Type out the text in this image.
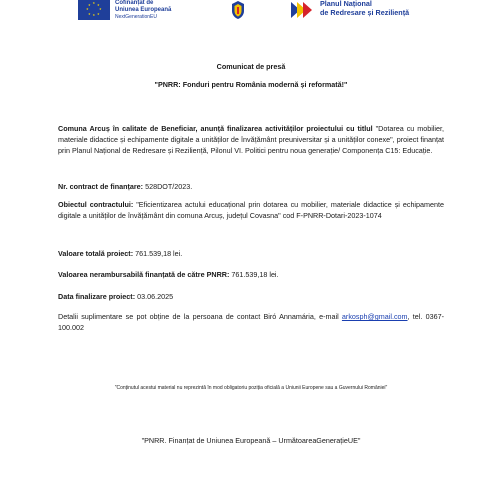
★ ★
★
★
★
★
★
★	Cofinanțat de
Uniunea Europeană
NextGenerationEU
Planul Național
de Redresare și Reziliență
Comunicat de presă
"PNRR: Fonduri pentru România modernă și reformată!"
Comuna Arcuș în calitate de Beneficiar, anunță finalizarea activităților proiectului cu titlul "Dotarea cu mobilier, materiale didactice și echipamente digitale a unităților de învățământ preuniversitar și a unităților conexe", proiect finanțat prin Planul Național de Redresare și Reziliență, Pilonul VI. Politici pentru noua generație/ Componența C15: Educație.
Nr. contract de finanțare: 528DOT/2023.
Obiectul contractului: "Eficientizarea actului educațional prin dotarea cu mobilier, materiale didactice și echipamente digitale a unităților de învățământ din comuna Arcuș, județul Covasna" cod F-PNRR-Dotari-2023-1074
Valoare totală proiect: 761.539,18 lei.
Valoarea nerambursabilă finanțată de către PNRR: 761.539,18 lei.
Data finalizare proiect: 03.06.2025
Detalii suplimentare se pot obține de la persoana de contact Biró Annamária, e-mail arkosph@gmail.com, tel. 0367-100.002
"Conținutul acestui material nu reprezintă în mod obligatoriu poziția oficială a Uniunii Europene sau a Guvernului României"
"PNRR. Finanțat de Uniunea Europeană – UrmătoareaGenerațieUE"
